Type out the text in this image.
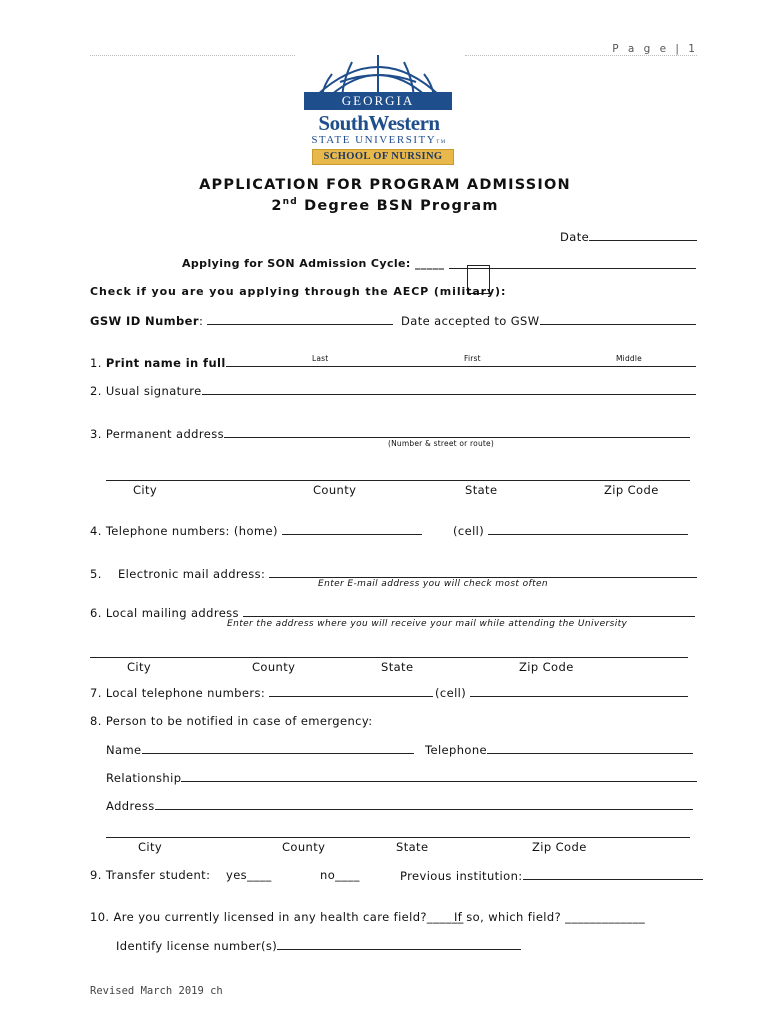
P a g e | 1
GEORGIA
SouthWestern
STATE UNIVERSITYTM
SCHOOL OF NURSING
APPLICATION FOR PROGRAM ADMISSION
2nd Degree BSN Program
Date
Applying for SON Admission Cycle: _____
Check if you are you applying through the AECP (military):
GSW ID Number:	Date accepted to GSW
1. Print name in full	Last	First	Middle
2. Usual signature
3. Permanent address
(Number & street or route)
City	County	State	Zip Code
4. Telephone numbers: (home)	(cell)
5. Electronic mail address:
Enter E-mail address you will check most often
6. Local mailing address
Enter the address where you will receive your mail while attending the University
City	County	State	Zip Code
7. Local telephone numbers:	(cell)
8. Person to be notified in case of emergency:
Name	Telephone
Relationship
Address
City	County	State	Zip Code
9. Transfer student: yes____	no____	Previous institution:
10. Are you currently licensed in any health care field?______
If so, which field? _____________
Identify license number(s)
Revised March 2019 ch
